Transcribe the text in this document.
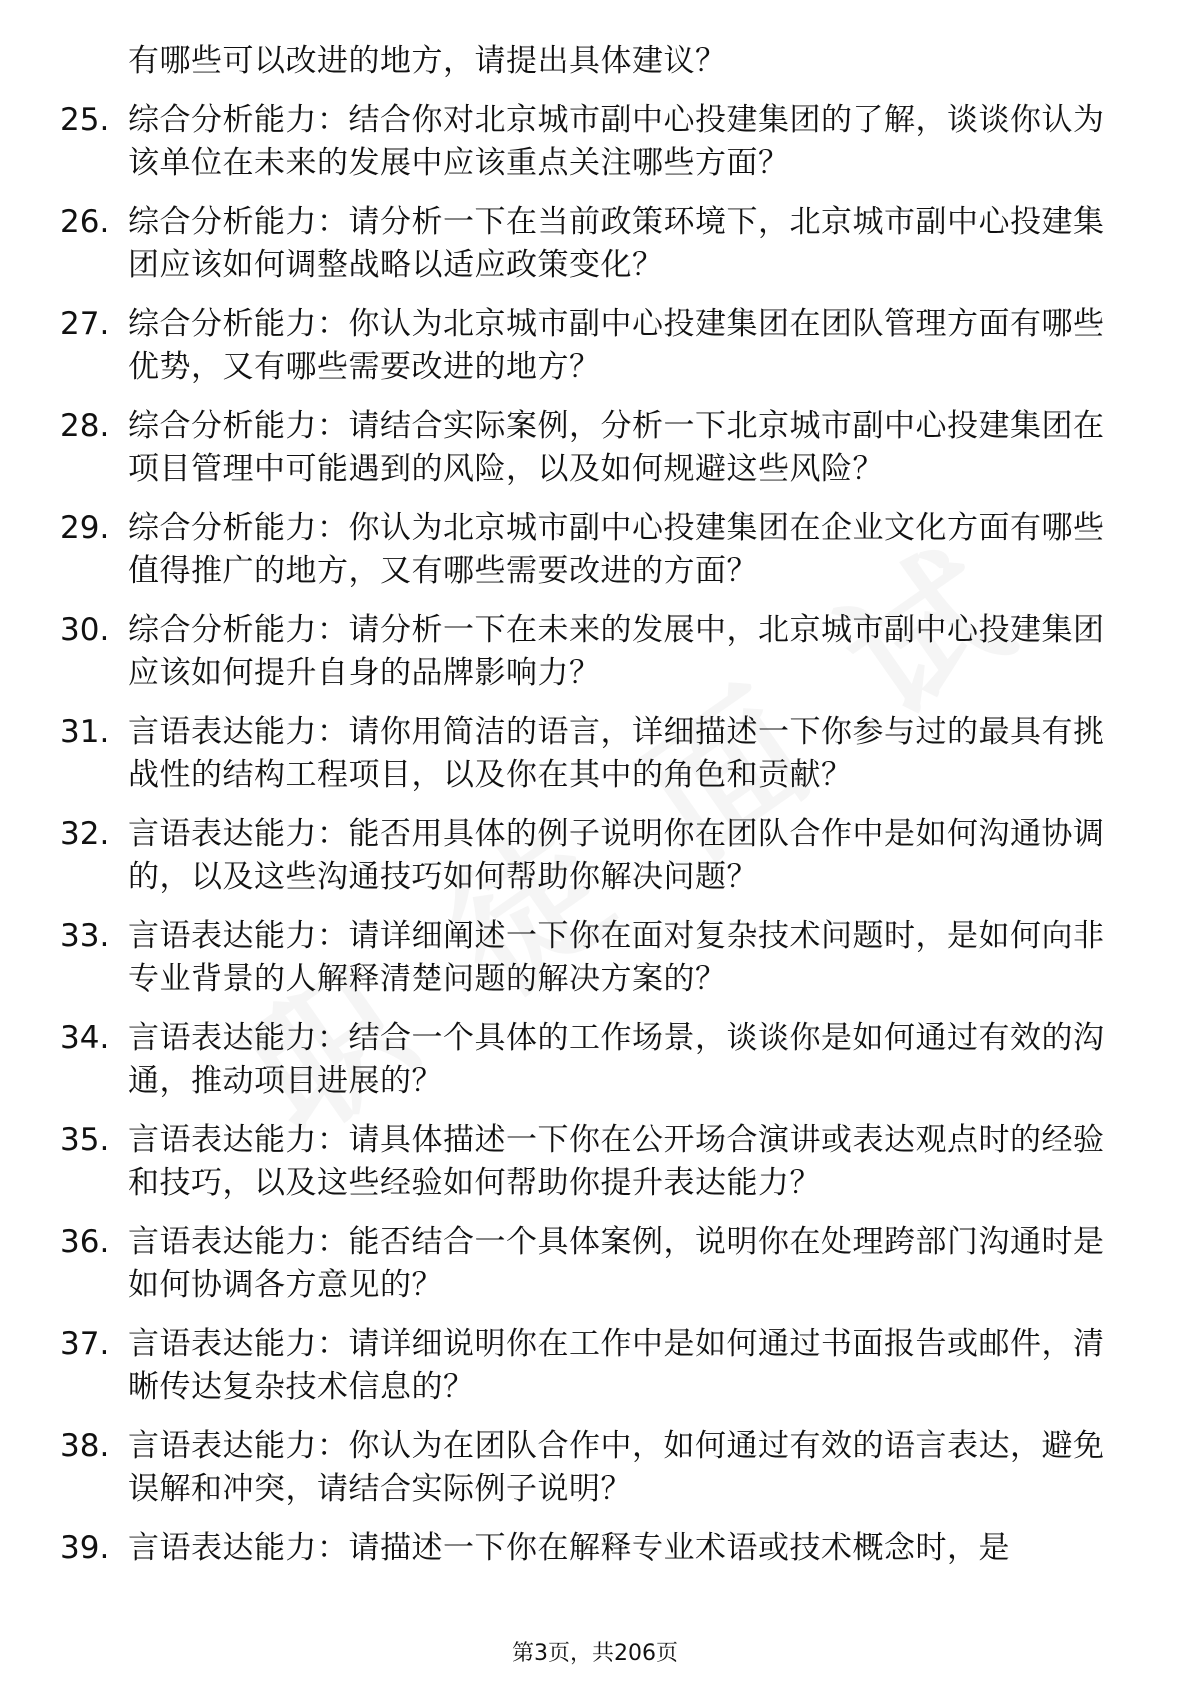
有哪些可以改进的地方，请提出具体建议？
25. 综合分析能力：结合你对北京城市副中心投建集团的了解，谈谈你认为该单位在未来的发展中应该重点关注哪些方面？
26. 综合分析能力：请分析一下在当前政策环境下，北京城市副中心投建集团应该如何调整战略以适应政策变化？
27. 综合分析能力：你认为北京城市副中心投建集团在团队管理方面有哪些优势，又有哪些需要改进的地方？
28. 综合分析能力：请结合实际案例，分析一下北京城市副中心投建集团在项目管理中可能遇到的风险，以及如何规避这些风险？
29. 综合分析能力：你认为北京城市副中心投建集团在企业文化方面有哪些值得推广的地方，又有哪些需要改进的方面？
30. 综合分析能力：请分析一下在未来的发展中，北京城市副中心投建集团应该如何提升自身的品牌影响力？
31. 言语表达能力：请你用简洁的语言，详细描述一下你参与过的最具有挑战性的结构工程项目，以及你在其中的角色和贡献？
32. 言语表达能力：能否用具体的例子说明你在团队合作中是如何沟通协调的，以及这些沟通技巧如何帮助你解决问题？
33. 言语表达能力：请详细阐述一下你在面对复杂技术问题时，是如何向非专业背景的人解释清楚问题的解决方案的？
34. 言语表达能力：结合一个具体的工作场景，谈谈你是如何通过有效的沟通，推动项目进展的？
35. 言语表达能力：请具体描述一下你在公开场合演讲或表达观点时的经验和技巧，以及这些经验如何帮助你提升表达能力？
36. 言语表达能力：能否结合一个具体案例，说明你在处理跨部门沟通时是如何协调各方意见的？
37. 言语表达能力：请详细说明你在工作中是如何通过书面报告或邮件，清晰传达复杂技术信息的？
38. 言语表达能力：你认为在团队合作中，如何通过有效的语言表达，避免误解和冲突，请结合实际例子说明？
39. 言语表达能力：请描述一下你在解释专业术语或技术概念时，是
第3页，共206页
